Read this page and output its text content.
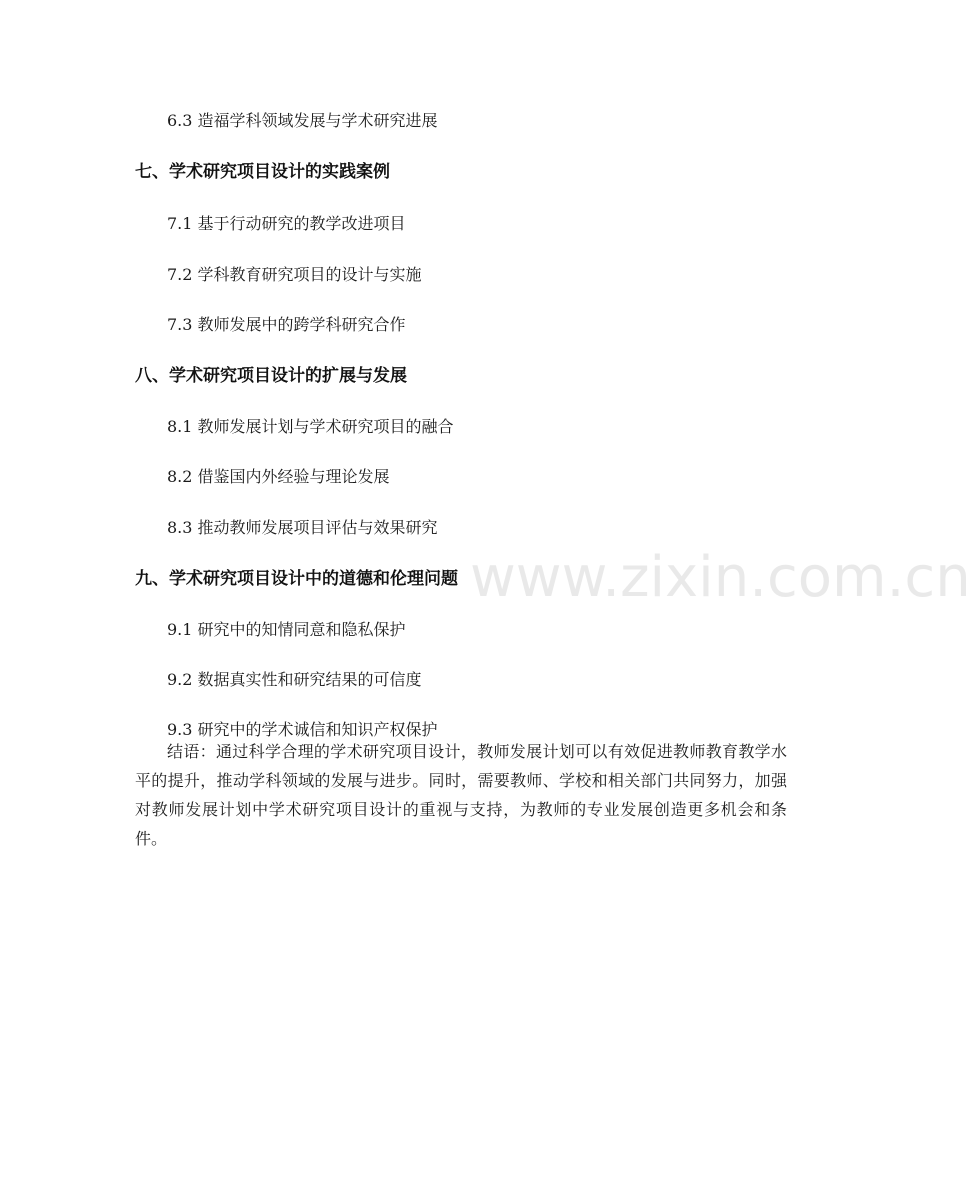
6.3 造福学科领域发展与学术研究进展
七、学术研究项目设计的实践案例
7.1 基于行动研究的教学改进项目
7.2 学科教育研究项目的设计与实施
7.3 教师发展中的跨学科研究合作
八、学术研究项目设计的扩展与发展
8.1 教师发展计划与学术研究项目的融合
8.2 借鉴国内外经验与理论发展
8.3 推动教师发展项目评估与效果研究
九、学术研究项目设计中的道德和伦理问题
9.1 研究中的知情同意和隐私保护
9.2 数据真实性和研究结果的可信度
9.3 研究中的学术诚信和知识产权保护
结语：通过科学合理的学术研究项目设计，教师发展计划可以有效促进教师教育教学水平的提升，推动学科领域的发展与进步。同时，需要教师、学校和相关部门共同努力，加强对教师发展计划中学术研究项目设计的重视与支持，为教师的专业发展创造更多机会和条件。
www.zixin.com.cn
